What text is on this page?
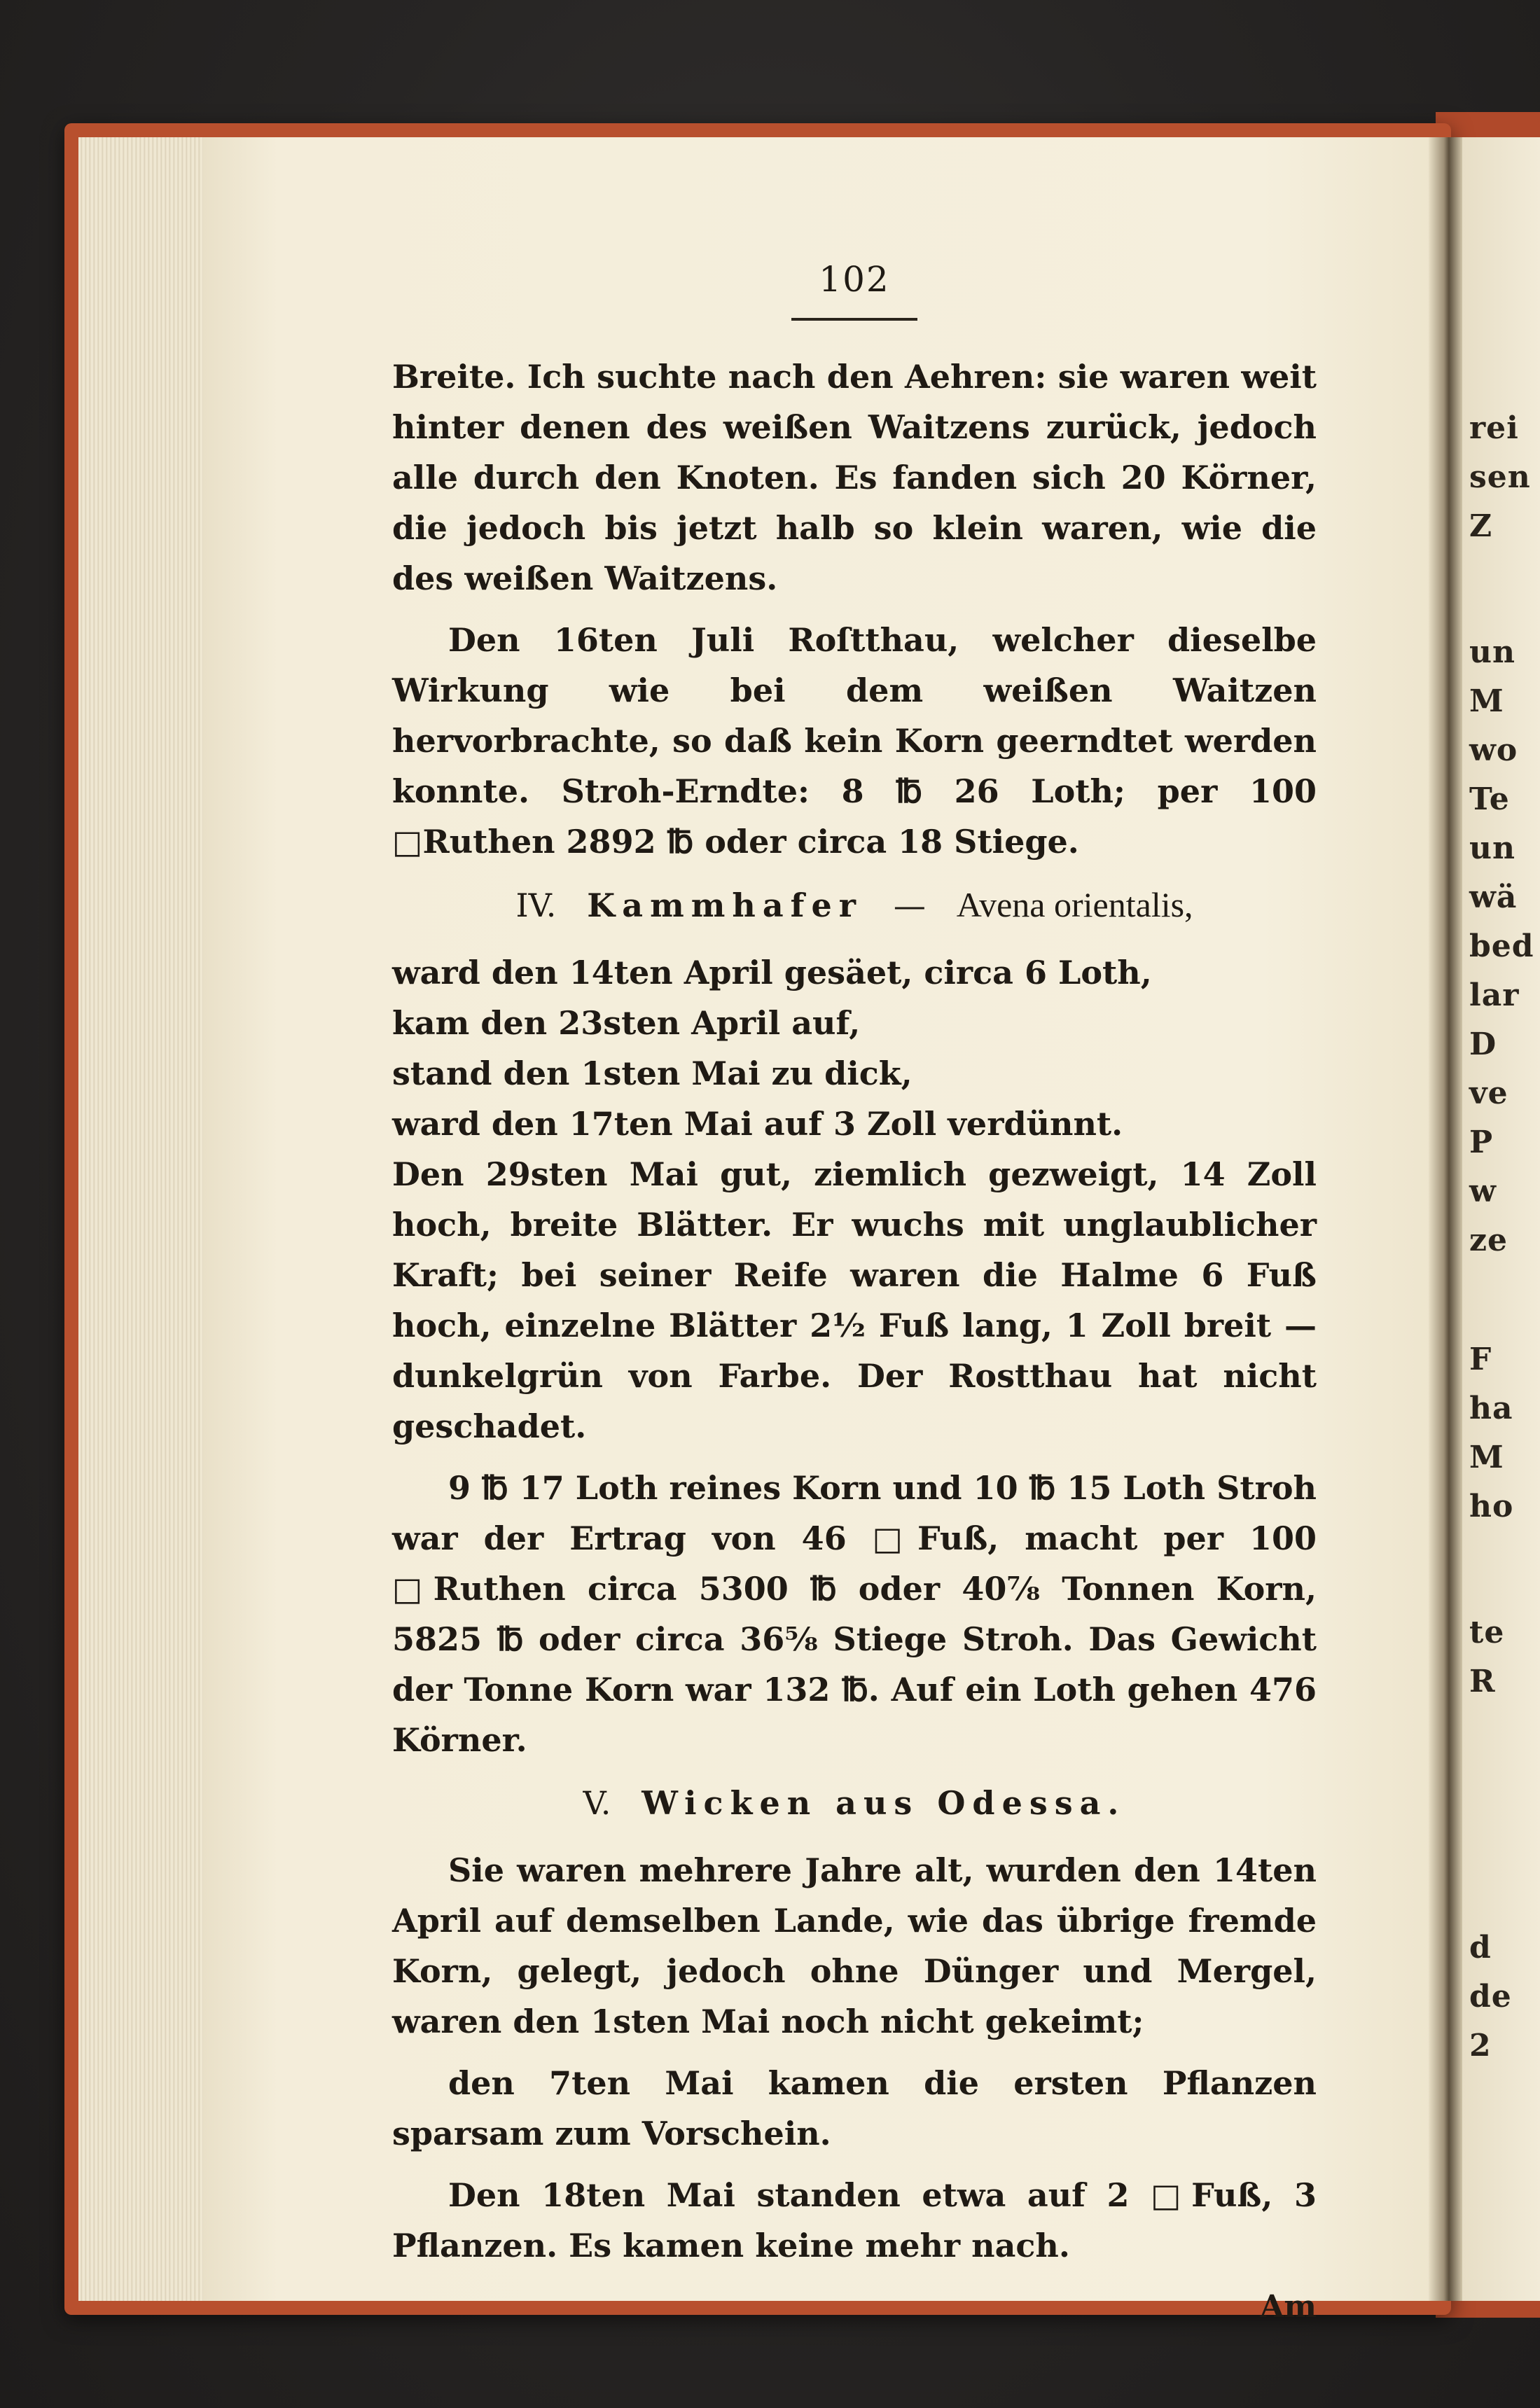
rei
sen
Z
un
M
wo
Te
un
wä
bed
lar
D
ve
P
w
ze
F
ha
M
ho
te
R
d
de
2
102

Breite. Ich suchte nach den Aehren: sie waren weit hinter denen des weißen Waitzens zurück, jedoch alle durch den Knoten. Es fanden sich 20 Körner, die jedoch bis jetzt halb so klein waren, wie die des weißen Waitzens.

Den 16ten Juli Roſtthau, welcher dieselbe Wirkung wie bei dem weißen Waitzen hervorbrachte, so daß kein Korn geerndtet werden konnte. Stroh-Erndte: 8 ℔ 26 Loth; per 100 □Ruthen 2892 ℔ oder circa 18 Stiege.

IV. Kammhafer — Avena orientalis,

ward den 14ten April gesäet, circa 6 Loth,

kam den 23sten April auf,

stand den 1sten Mai zu dick,

ward den 17ten Mai auf 3 Zoll verdünnt.

Den 29sten Mai gut, ziemlich gezweigt, 14 Zoll hoch, breite Blätter. Er wuchs mit unglaublicher Kraft; bei seiner Reife waren die Halme 6 Fuß hoch, einzelne Blätter 2½ Fuß lang, 1 Zoll breit — dunkelgrün von Farbe. Der Rostthau hat nicht geschadet.

9 ℔ 17 Loth reines Korn und 10 ℔ 15 Loth Stroh war der Ertrag von 46 □Fuß, macht per 100 □Ruthen circa 5300 ℔ oder 40⅞ Tonnen Korn, 5825 ℔ oder circa 36⅝ Stiege Stroh. Das Gewicht der Tonne Korn war 132 ℔. Auf ein Loth gehen 476 Körner.

V. Wicken aus Odessa.

Sie waren mehrere Jahre alt, wurden den 14ten April auf demselben Lande, wie das übrige fremde Korn, gelegt, jedoch ohne Dünger und Mergel, waren den 1sten Mai noch nicht gekeimt;

den 7ten Mai kamen die ersten Pflanzen sparsam zum Vorschein.

Den 18ten Mai standen etwa auf 2 □Fuß, 3 Pflanzen. Es kamen keine mehr nach.

Am
